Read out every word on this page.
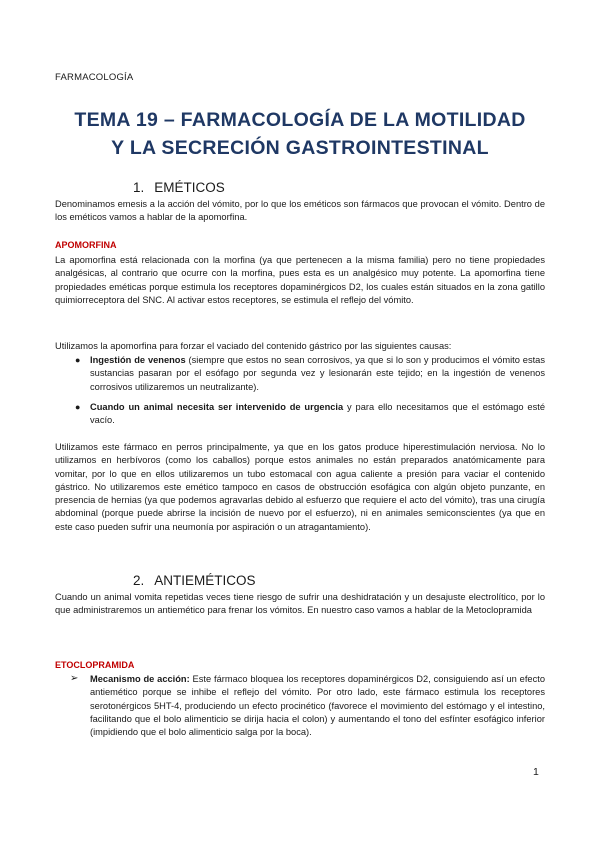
FARMACOLOGÍA
TEMA 19 – FARMACOLOGÍA DE LA MOTILIDAD
Y LA SECRECIÓN GASTROINTESTINAL
1. EMÉTICOS
Denominamos emesis a la acción del vómito, por lo que los eméticos son fármacos que provocan el vómito. Dentro de los eméticos vamos a hablar de la apomorfina.
APOMORFINA
La apomorfina está relacionada con la morfina (ya que pertenecen a la misma familia) pero no tiene propiedades analgésicas, al contrario que ocurre con la morfina, pues esta es un analgésico muy potente. La apomorfina tiene propiedades eméticas porque estimula los receptores dopaminérgicos D2, los cuales están situados en la zona gatillo quimiorreceptora del SNC. Al activar estos receptores, se estimula el reflejo del vómito.
Utilizamos la apomorfina para forzar el vaciado del contenido gástrico por las siguientes causas:
● Ingestión de venenos (siempre que estos no sean corrosivos, ya que si lo son y producimos el vómito estas sustancias pasaran por el esófago por segunda vez y lesionarán este tejido; en la ingestión de venenos corrosivos utilizaremos un neutralizante).
● Cuando un animal necesita ser intervenido de urgencia y para ello necesitamos que el estómago esté vacío.
Utilizamos este fármaco en perros principalmente, ya que en los gatos produce hiperestimulación nerviosa. No lo utilizamos en herbívoros (como los caballos) porque estos animales no están preparados anatómicamente para vomitar, por lo que en ellos utilizaremos un tubo estomacal con agua caliente a presión para vaciar el contenido gástrico. No utilizaremos este emético tampoco en casos de obstrucción esofágica con algún objeto punzante, en presencia de hernias (ya que podemos agravarlas debido al esfuerzo que requiere el acto del vómito), tras una cirugía abdominal (porque puede abrirse la incisión de nuevo por el esfuerzo), ni en animales semiconscientes (ya que en este caso pueden sufrir una neumonía por aspiración o un atragantamiento).
2. ANTIEMÉTICOS
Cuando un animal vomita repetidas veces tiene riesgo de sufrir una deshidratación y un desajuste electrolítico, por lo que administraremos un antiemético para frenar los vómitos. En nuestro caso vamos a hablar de la Metoclopramida
ETOCLOPRAMIDA
➢ Mecanismo de acción: Este fármaco bloquea los receptores dopaminérgicos D2, consiguiendo así un efecto antiemético porque se inhibe el reflejo del vómito. Por otro lado, este fármaco estimula los receptores serotonérgicos 5HT-4, produciendo un efecto procinético (favorece el movimiento del estómago y el intestino, facilitando que el bolo alimenticio se dirija hacia el colon) y aumentando el tono del esfínter esofágico inferior (impidiendo que el bolo alimenticio salga por la boca).
1
